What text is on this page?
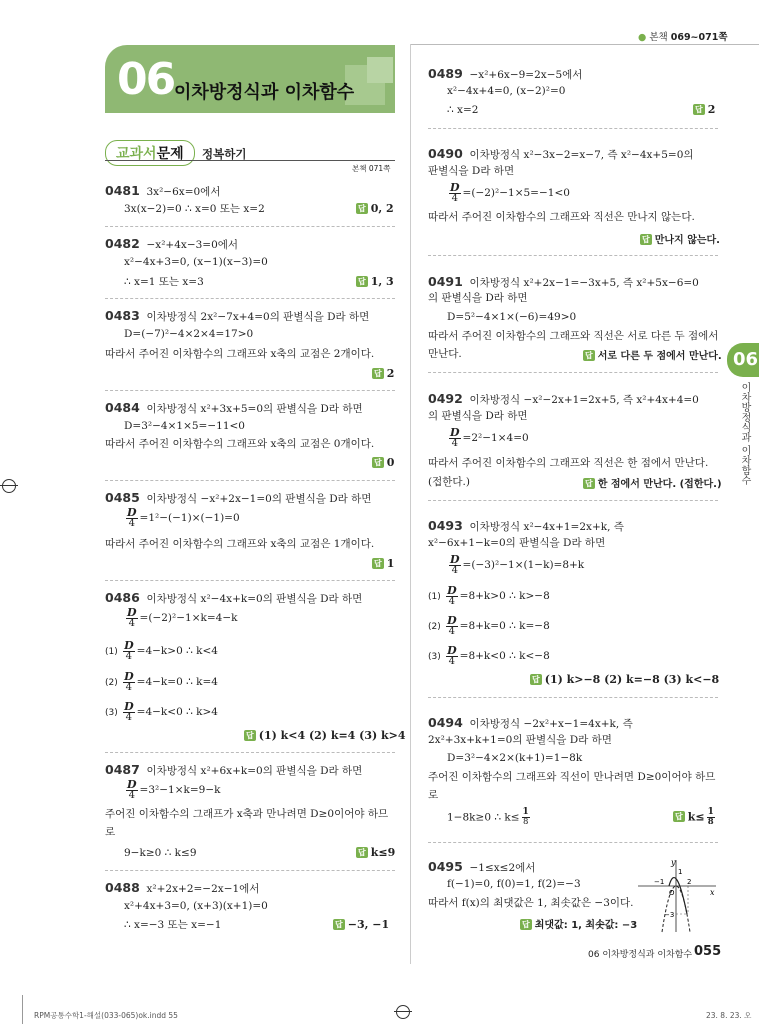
● 본책 069~071쪽
06 이차방정식과 이차함수
교과서문제	정복하기
본책 071쪽
0481 3x²−6x=0에서
3x(x−2)=0 ∴ x=0 또는 x=2	답 0, 2
0482 −x²+4x−3=0에서
x²−4x+3=0, (x−1)(x−3)=0
∴ x=1 또는 x=3	답 1, 3
0483 이차방정식 2x²−7x+4=0의 판별식을 D라 하면
D=(−7)²−4×2×4=17>0
따라서 주어진 이차함수의 그래프와 x축의 교점은 2개이다.
답 2
0484 이차방정식 x²+3x+5=0의 판별식을 D라 하면
D=3²−4×1×5=−11<0
따라서 주어진 이차함수의 그래프와 x축의 교점은 0개이다.
답 0
0485 이차방정식 −x²+2x−1=0의 판별식을 D라 하면
$\frac{D}{4} =1^2-(-1)\times(-1)=0$
따라서 주어진 이차함수의 그래프와 x축의 교점은 1개이다.
답 1
0486 이차방정식 x²−4x+k=0의 판별식을 D라 하면
$\frac{D}{4} =(-2)^2-1\times k=4-k$
$(1) \frac{D}{4} =4-k>0$ ∴ k<4
$(2) \frac{D}{4} =4-k=0$ ∴ k=4
$(3) \frac{D}{4} =4-k<0$ ∴ k>4
답 (1) k<4 (2) k=4 (3) k>4
0487 이차방정식 x²+6x+k=0의 판별식을 D라 하면
$\frac{D}{4} =3^2-1\times k=9-k$
주어진 이차함수의 그래프가 x축과 만나려면 D≥0이어야 하므
로
9−k≥0 ∴ k≤9	답 k≤9
0488 x²+2x+2=−2x−1에서
x²+4x+3=0, (x+3)(x+1)=0
∴ x=−3 또는 x=−1	답 −3, −1
0489 −x²+6x−9=2x−5에서
x²−4x+4=0, (x−2)²=0
∴ x=2	답 2
0490 이차방정식 x²−3x−2=x−7, 즉 x²−4x+5=0의
판별식을 D라 하면
$\frac{D}{4} =(-2)^2-1\times 5=-1<0$
따라서 주어진 이차함수의 그래프와 직선은 만나지 않는다.
답 만나지 않는다.
0491 이차방정식 x²+2x−1=−3x+5, 즉 x²+5x−6=0
의 판별식을 D라 하면
D=5²−4×1×(−6)=49>0
따라서 주어진 이차함수의 그래프와 직선은 서로 다른 두 점에서
만난다.	답 서로 다른 두 점에서 만난다.
0492 이차방정식 −x²−2x+1=2x+5, 즉 x²+4x+4=0
의 판별식을 D라 하면
$\frac{D}{4} =2^2-1\times 4=0$
따라서 주어진 이차함수의 그래프와 직선은 한 점에서 만난다.
(접한다.)	답 한 점에서 만난다. (접한다.)
0493 이차방정식 x²−4x+1=2x+k, 즉
x²−6x+1−k=0의 판별식을 D라 하면
$\frac{D}{4} =(-3)^2-1\times(1-k)=8+k$
$(1) \frac{D}{4} =8+k>0$ ∴ k>−8
$(2) \frac{D}{4} =8+k=0$ ∴ k=−8
$(3) \frac{D}{4} =8+k<0$ ∴ k<−8
답 (1) k>−8 (2) k=−8 (3) k<−8
0494 이차방정식 −2x²+x−1=4x+k, 즉
2x²+3x+k+1=0의 판별식을 D라 하면
D=3²−4×2×(k+1)=1−8k
주어진 이차함수의 그래프와 직선이 만나려면 D≥0이어야 하므
로
1−8k≥0 ∴ $k\le \frac{1}{8}$	답 $k\le \frac{1}{8}$
0495 −1≤x≤2에서
f(−1)=0, f(0)=1, f(2)=−3
따라서 f(x)의 최댓값은 1, 최솟값은 −3이다.
답 최댓값: 1, 최솟값: −3
y
x
O
1
−1	2
−3
06
이차방정식과 이차함수
06 이차방정식과 이차함수 055
RPM공통수학1-해설(033-065)ok.indd 55	23. 8. 23. 오
